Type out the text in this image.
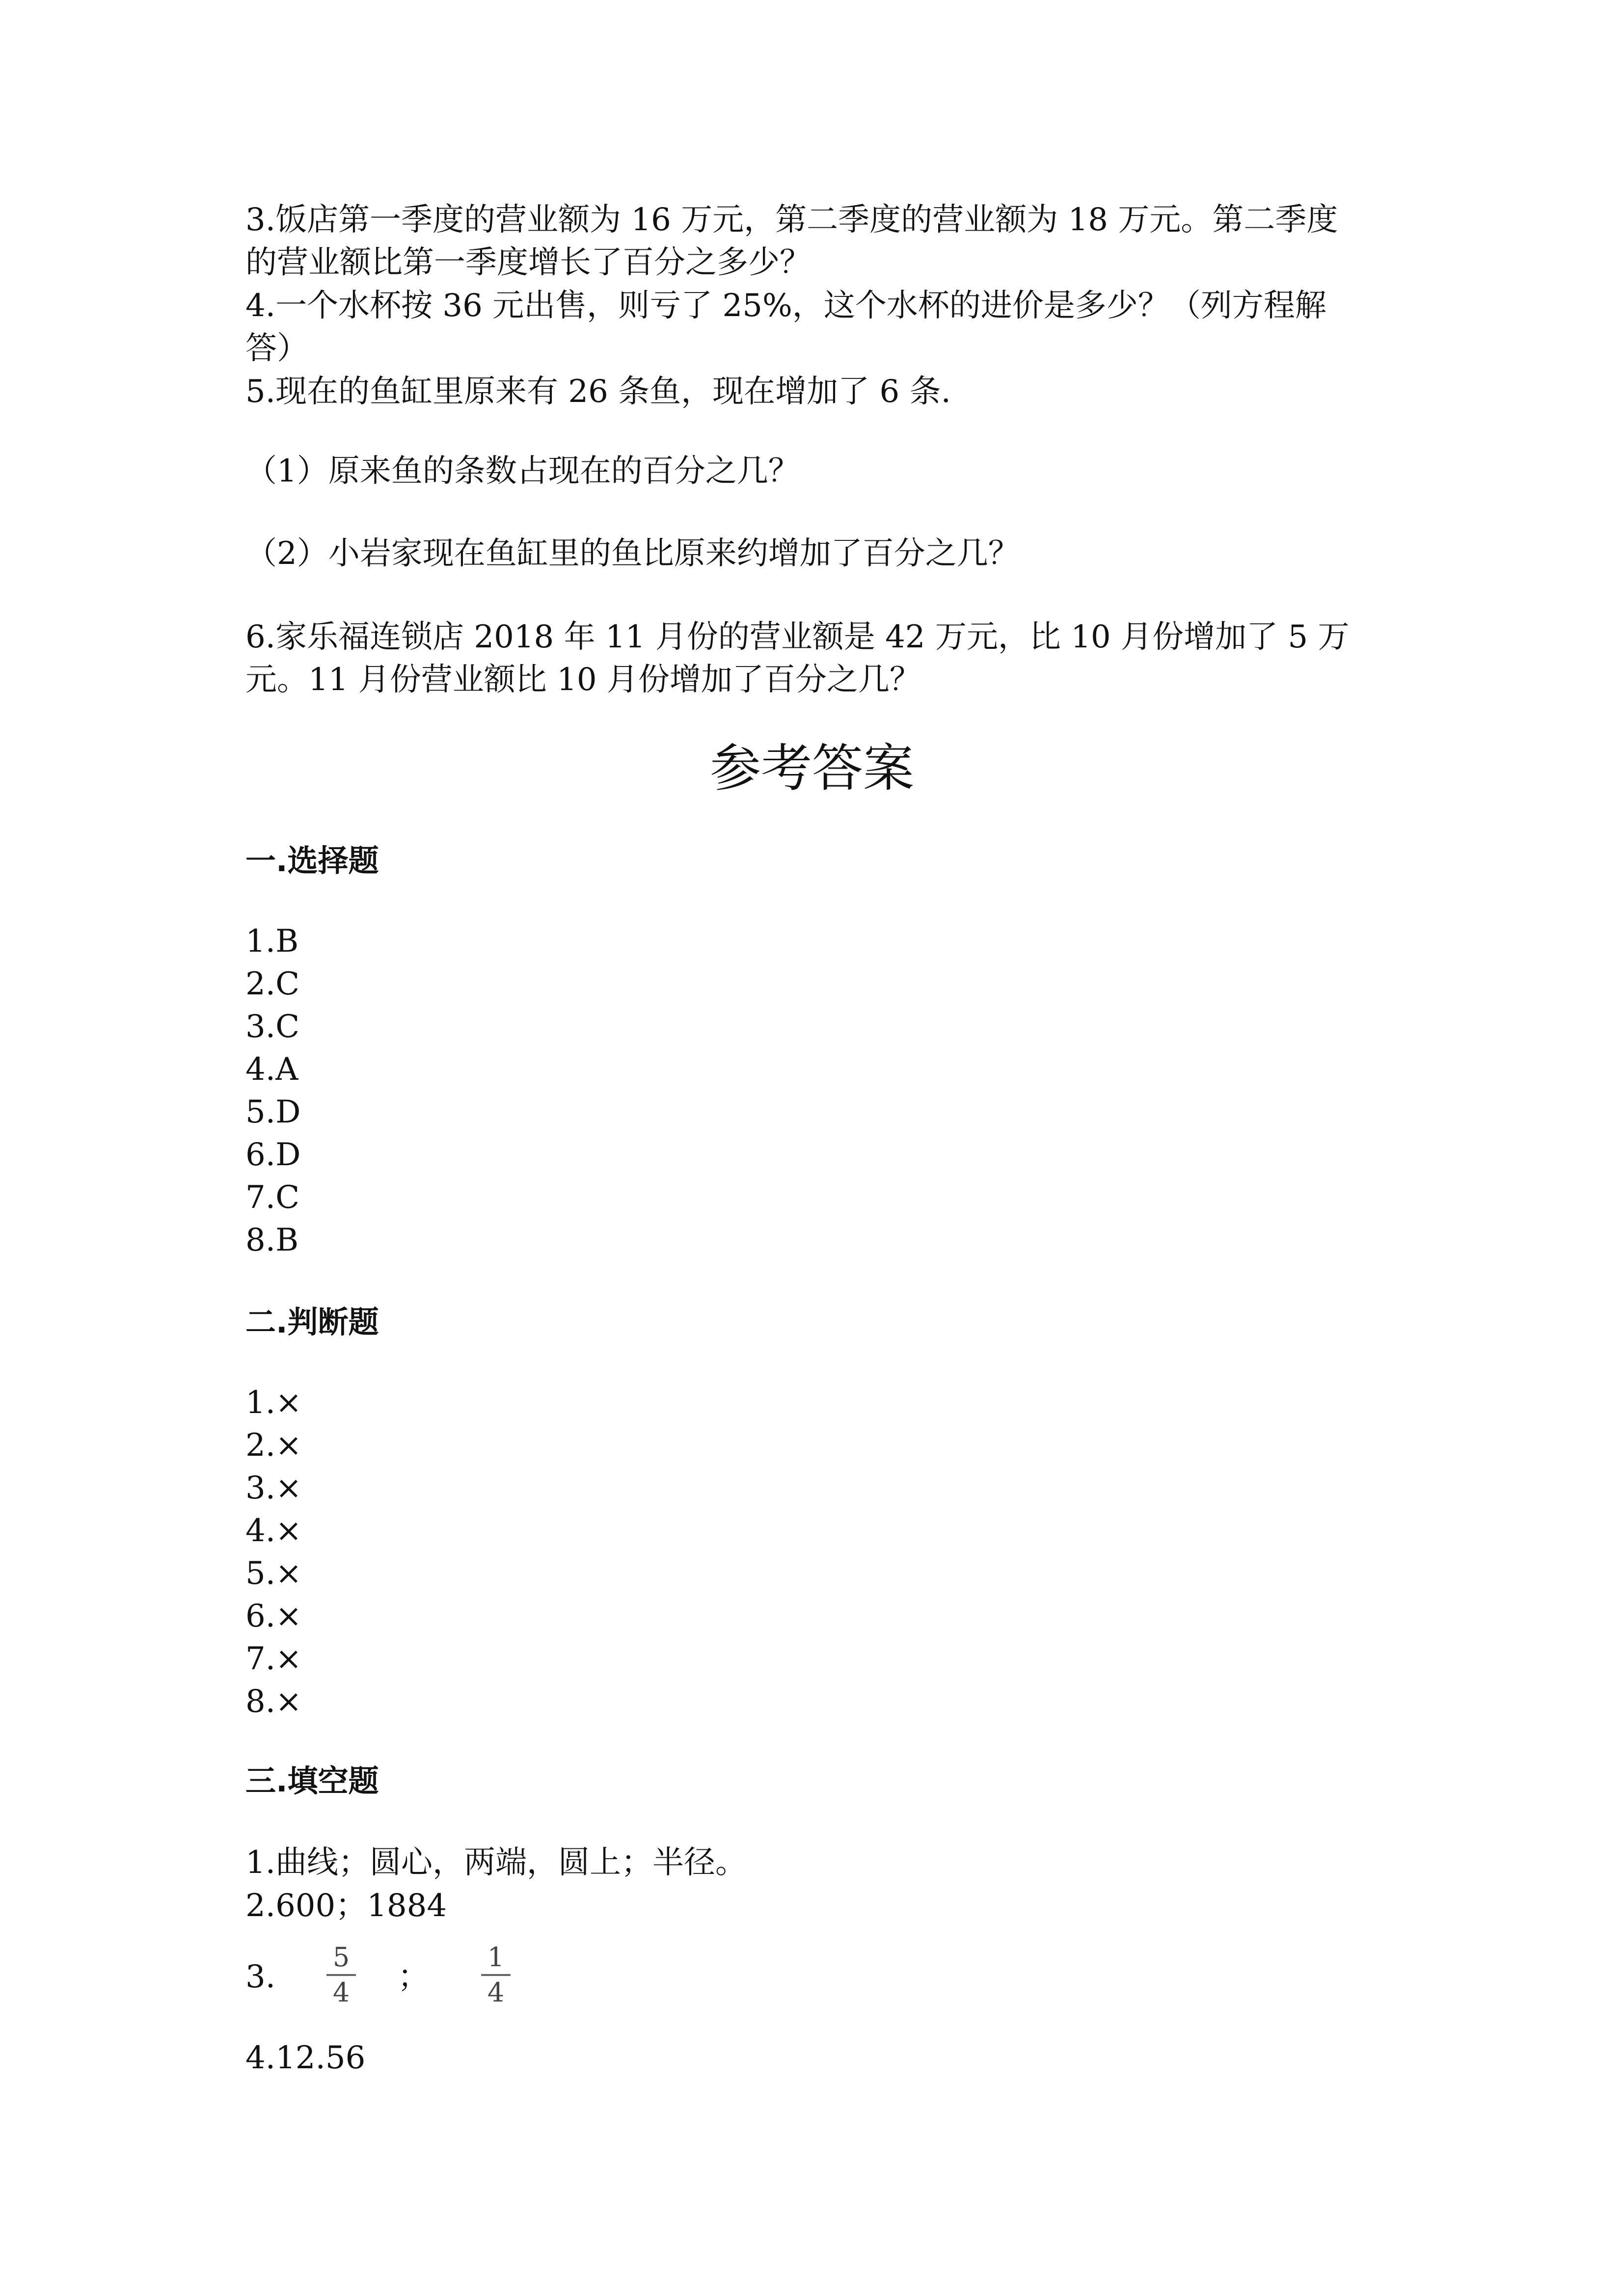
3.饭店第一季度的营业额为 16 万元，第二季度的营业额为 18 万元。第二季度
的营业额比第一季度增长了百分之多少？
4.一个水杯按 36 元出售，则亏了 25%，这个水杯的进价是多少？（列方程解
答）
5.现在的鱼缸里原来有 26 条鱼，现在增加了 6 条.
（1）原来鱼的条数占现在的百分之几？
（2）小岩家现在鱼缸里的鱼比原来约增加了百分之几？
6.家乐福连锁店 2018 年 11 月份的营业额是 42 万元，比 10 月份增加了 5 万
元。11 月份营业额比 10 月份增加了百分之几？
参考答案
一.选择题
1.B
2.C
3.C
4.A
5.D
6.D
7.C
8.B
二.判断题
1.×
2.×
3.×
4.×
5.×
6.×
7.×
8.×
三.填空题
1.曲线；圆心，两端，圆上；半径。
2.600；1884
3.
5
4 ；
1
4
4.12.56
